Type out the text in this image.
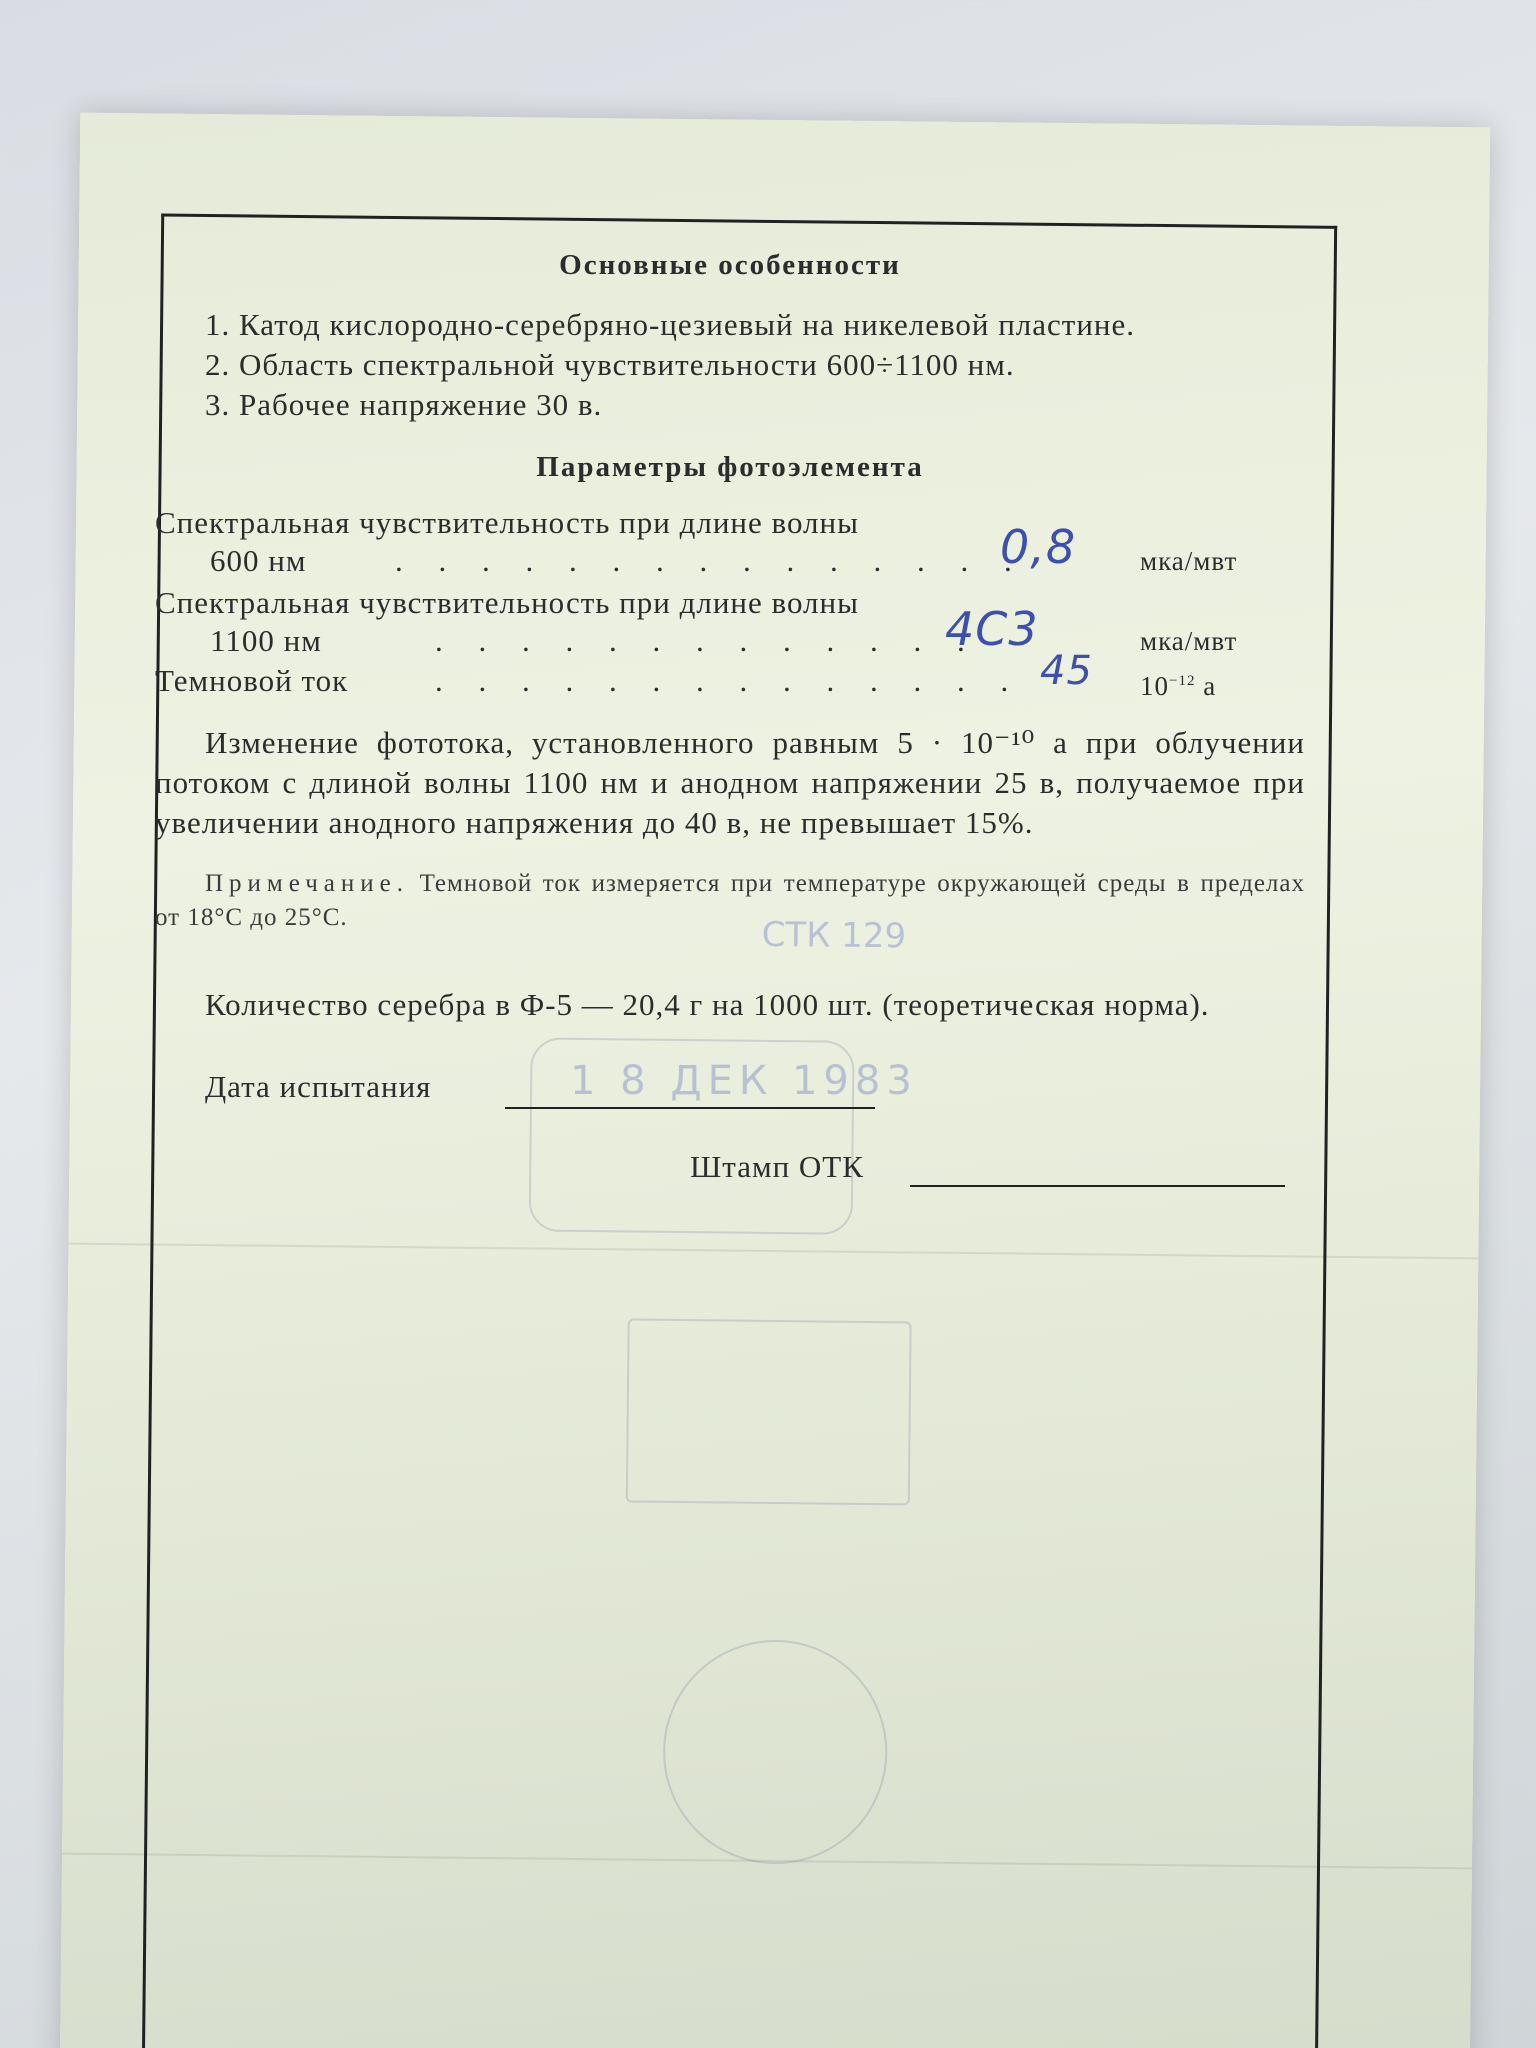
СТК 129
Основные особенности

1. Катод кислородно-серебряно-цезиевый на никелевой пластине.

2. Область спектральной чувствительности 600÷1100 нм.

3. Рабочее напряжение 30 в.

Параметры фотоэлемента
Спектральная чувствительность при длине волны
600 нм	. . . . . . . . . . . . . . .
0,8 мка/мвт
Спектральная чувствительность при длине волны
1100 нм	. . . . . . . . . . . . .
4С3	мка/мвт
Темновой ток	. . . . . . . . . . . . . . 45 $10^{-12}$ а

Изменение фототока, установленного равным 5 · 10⁻¹⁰ а при облучении потоком с длиной волны 1100 нм и анодном напряжении 25 в, получаемое при увеличении анодного напряжения до 40 в, не превышает 15%.

Примечание. Темновой ток измеряется при температуре окружающей среды в пределах от 18°С до 25°С.

Количество серебра в Ф-5 — 20,4 г на 1000 шт. (теоретическая норма).

Дата испытания	1 8 ДЕК 1983
Штамп ОТК
